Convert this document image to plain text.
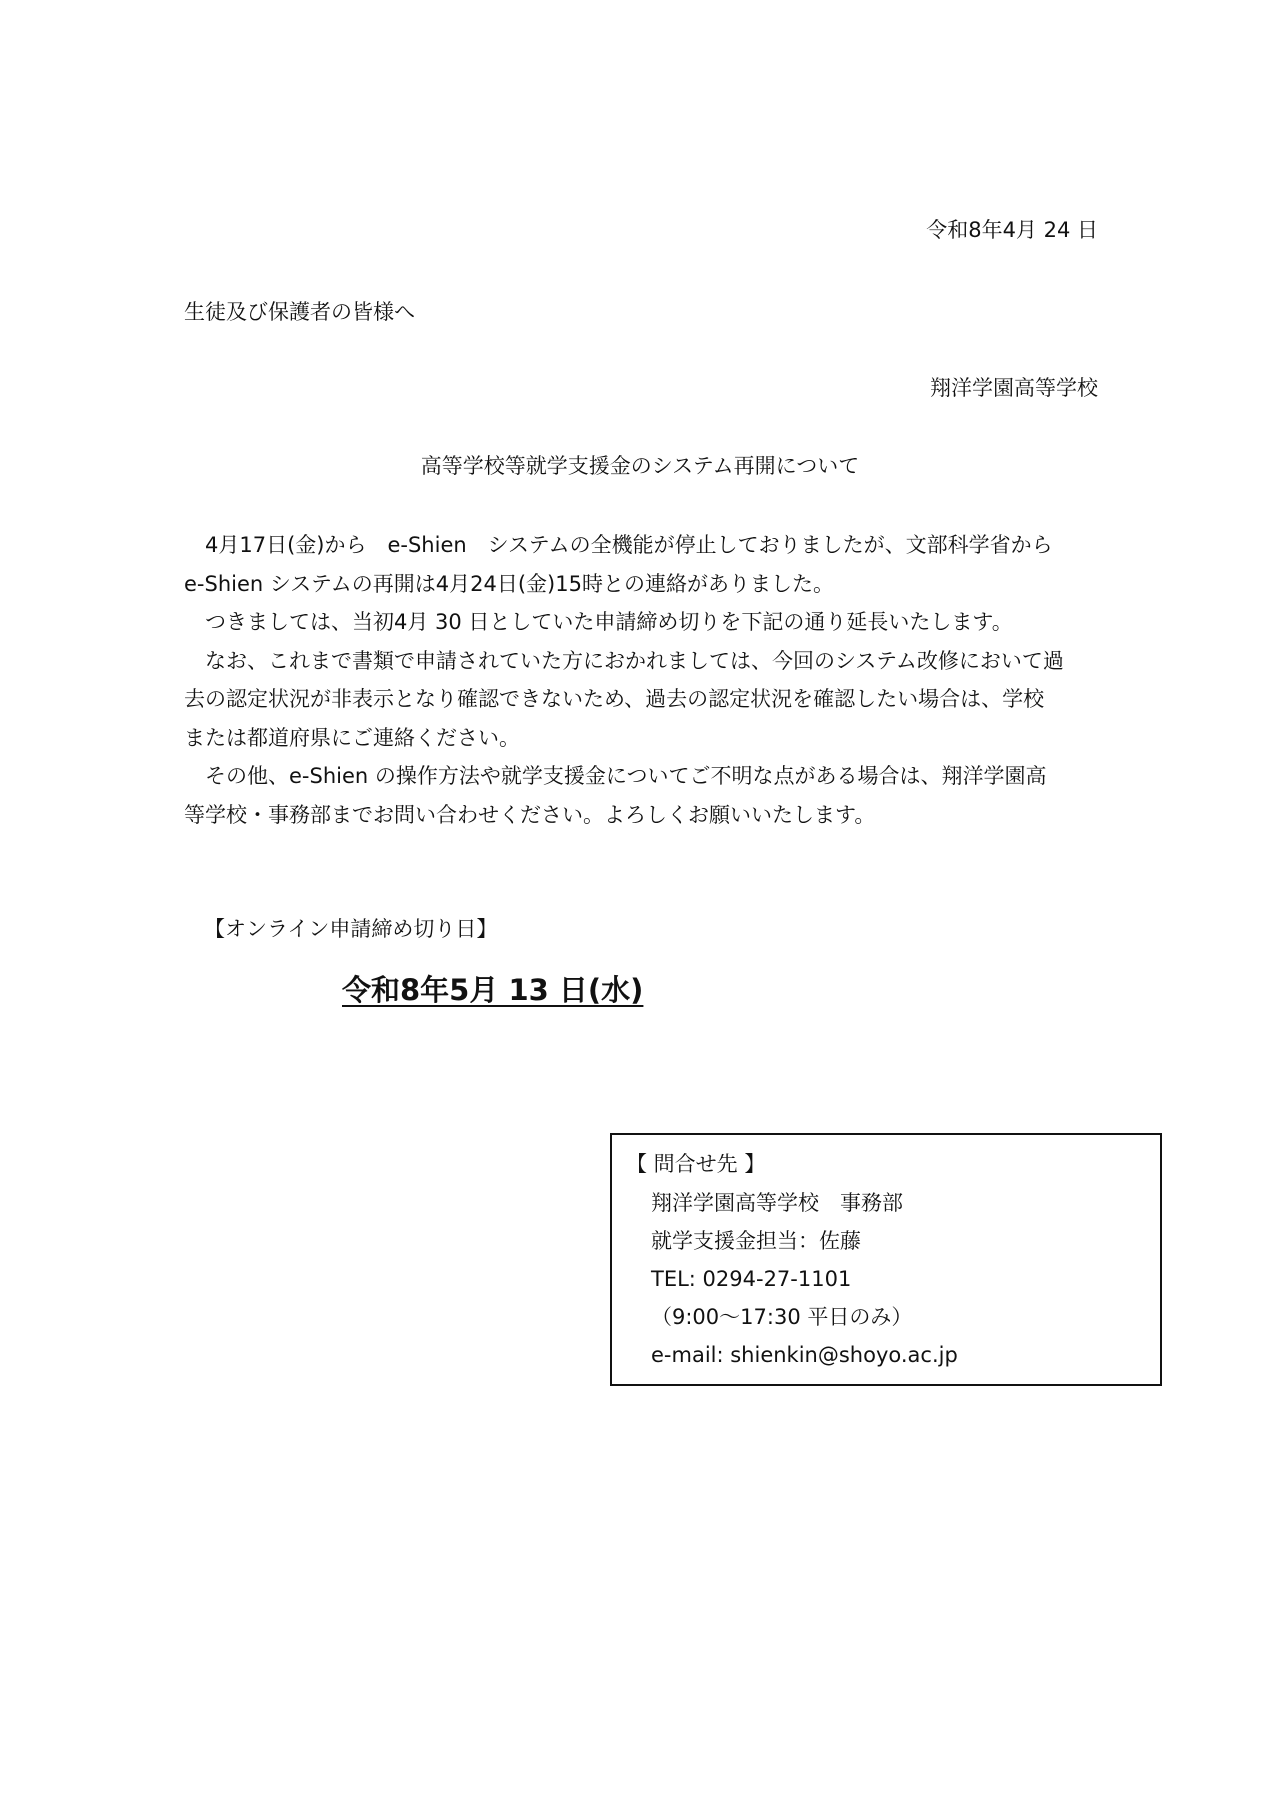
令和8年4月 24 日
生徒及び保護者の皆様へ
翔洋学園高等学校
高等学校等就学支援金のシステム再開について
　4月17日(金)から　e-Shien　システムの全機能が停止しておりましたが、文部科学省から
e-Shien システムの再開は4月24日(金)15時との連絡がありました。
　つきましては、当初4月 30 日としていた申請締め切りを下記の通り延長いたします。
　なお、これまで書類で申請されていた方におかれましては、今回のシステム改修において過
去の認定状況が非表示となり確認できないため、過去の認定状況を確認したい場合は、学校
または都道府県にご連絡ください。
　その他、e-Shien の操作方法や就学支援金についてご不明な点がある場合は、翔洋学園高
等学校・事務部までお問い合わせください。よろしくお願いいたします。
【オンライン申請締め切り日】
令和8年5月 13 日(水)
【 問合せ先 】
翔洋学園高等学校　事務部
就学支援金担当：佐藤
TEL: 0294-27-1101
（9:00～17:30 平日のみ）
e-mail: shienkin@shoyo.ac.jp
